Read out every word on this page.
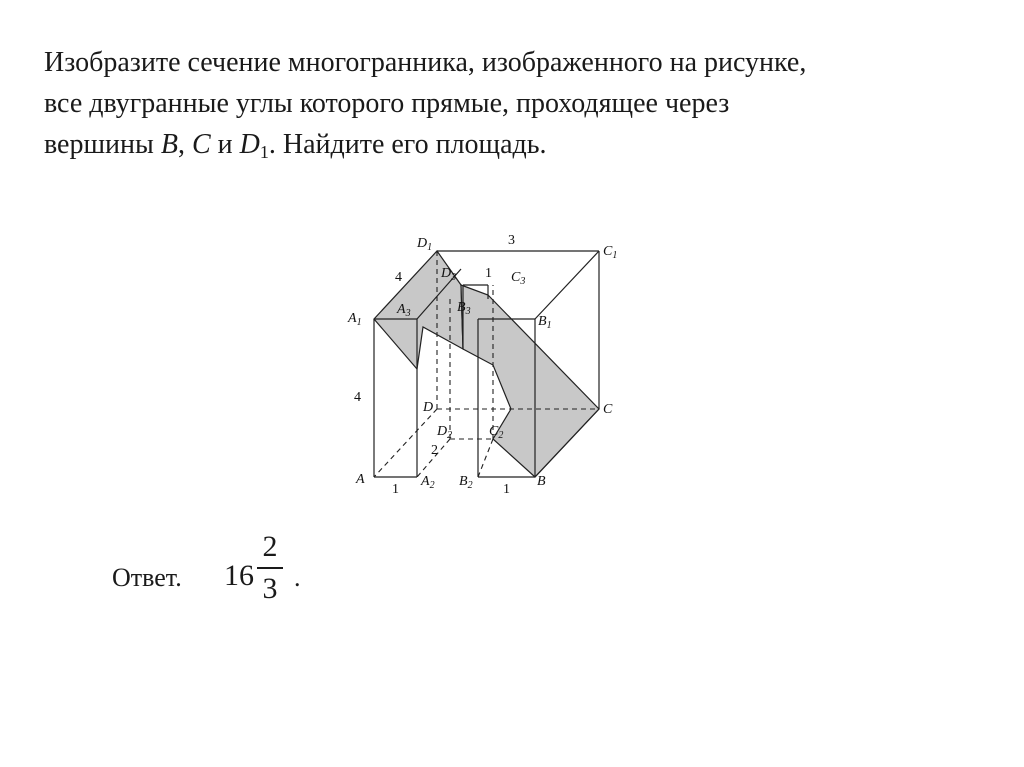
Изобразите сечение многогранника, изображенного на рисунке,
все двугранные углы которого прямые, проходящее через
вершины B, C и $D_1$. Найдите его площадь.
$D_1$	$C_1$
$D_3$	$C_3$
$A_1$
$A_3$	$B_3$
$B_1$
D	C
$D_2$	$C_2$
A	$A_2$ $B_2$	B
3
4	1
4
2
1	1
Ответ. 16
2
3 .
